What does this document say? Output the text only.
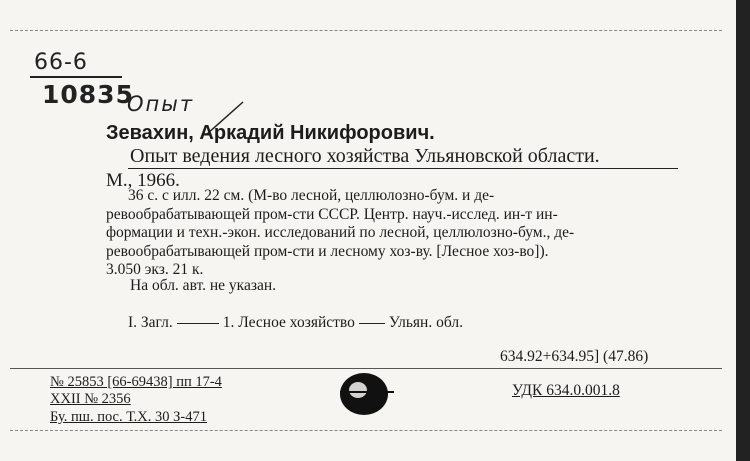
66-6
10835
Опыт
Зевахин, Аркадий Никифорович.
Опыт ведения лесного хозяйства Ульяновской области.
М., 1966.
36 с. с илл. 22 см. (М-во лесной, целлюлозно-бум. и де-
ревообрабатывающей пром-сти СССР. Центр. науч.-исслед. ин-т ин-
формации и техн.-экон. исследований по лесной, целлюлозно-бум., де-
ревообрабатывающей пром-сти и лесному хоз-ву. [Лесное хоз-во]).
3.050 экз. 21 к.
На обл. авт. не указан.
I. Загл.	1. Лесное хозяйство Ульян. обл.
634.92+634.95] (47.86)
№ 25853 [66-69438] пп 17-4
XXII № 2356
Бу. пш. пос. Т.Х. 30 З-471
УДК 634.0.001.8
